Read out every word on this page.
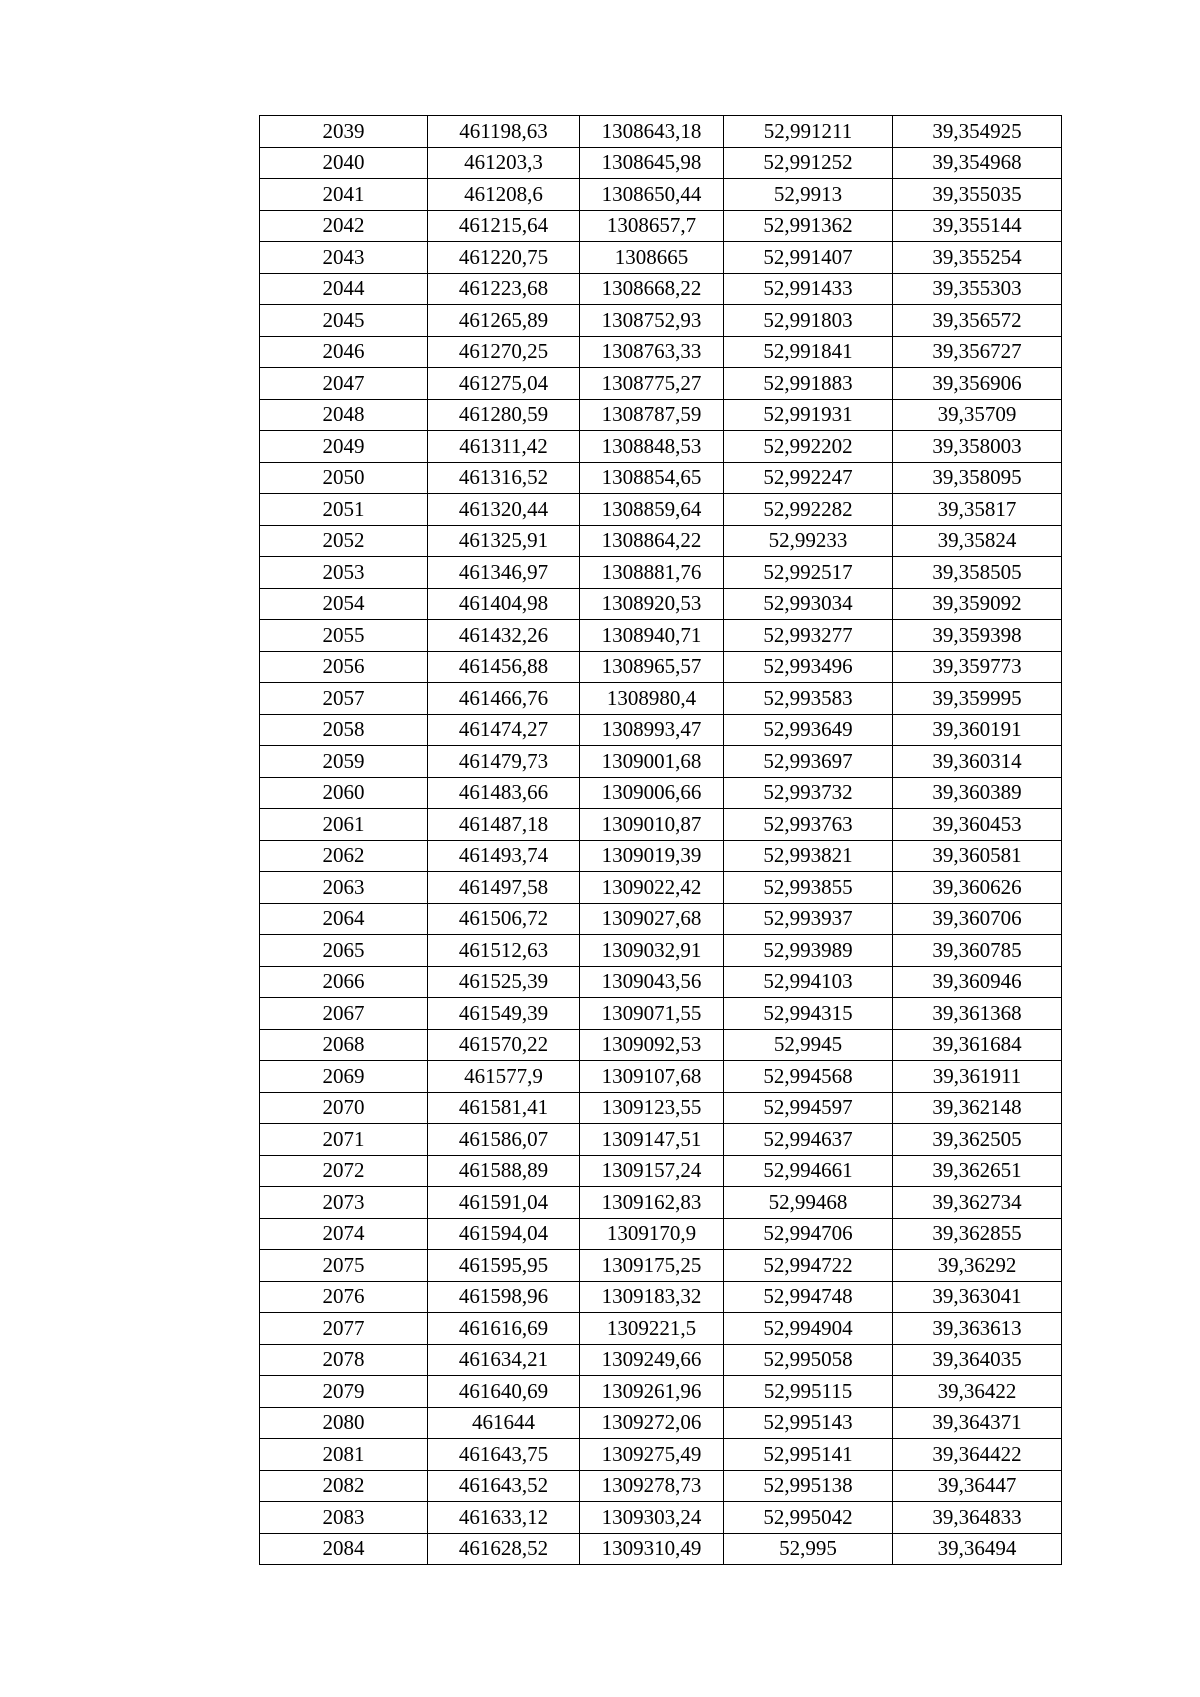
2039	461198,63	1308643,18	52,991211	39,354925
2040	461203,3	1308645,98	52,991252	39,354968
2041	461208,6	1308650,44	52,9913	39,355035
2042	461215,64	1308657,7	52,991362	39,355144
2043	461220,75	1308665	52,991407	39,355254
2044	461223,68	1308668,22	52,991433	39,355303
2045	461265,89	1308752,93	52,991803	39,356572
2046	461270,25	1308763,33	52,991841	39,356727
2047	461275,04	1308775,27	52,991883	39,356906
2048	461280,59	1308787,59	52,991931	39,35709
2049	461311,42	1308848,53	52,992202	39,358003
2050	461316,52	1308854,65	52,992247	39,358095
2051	461320,44	1308859,64	52,992282	39,35817
2052	461325,91	1308864,22	52,99233	39,35824
2053	461346,97	1308881,76	52,992517	39,358505
2054	461404,98	1308920,53	52,993034	39,359092
2055	461432,26	1308940,71	52,993277	39,359398
2056	461456,88	1308965,57	52,993496	39,359773
2057	461466,76	1308980,4	52,993583	39,359995
2058	461474,27	1308993,47	52,993649	39,360191
2059	461479,73	1309001,68	52,993697	39,360314
2060	461483,66	1309006,66	52,993732	39,360389
2061	461487,18	1309010,87	52,993763	39,360453
2062	461493,74	1309019,39	52,993821	39,360581
2063	461497,58	1309022,42	52,993855	39,360626
2064	461506,72	1309027,68	52,993937	39,360706
2065	461512,63	1309032,91	52,993989	39,360785
2066	461525,39	1309043,56	52,994103	39,360946
2067	461549,39	1309071,55	52,994315	39,361368
2068	461570,22	1309092,53	52,9945	39,361684
2069	461577,9	1309107,68	52,994568	39,361911
2070	461581,41	1309123,55	52,994597	39,362148
2071	461586,07	1309147,51	52,994637	39,362505
2072	461588,89	1309157,24	52,994661	39,362651
2073	461591,04	1309162,83	52,99468	39,362734
2074	461594,04	1309170,9	52,994706	39,362855
2075	461595,95	1309175,25	52,994722	39,36292
2076	461598,96	1309183,32	52,994748	39,363041
2077	461616,69	1309221,5	52,994904	39,363613
2078	461634,21	1309249,66	52,995058	39,364035
2079	461640,69	1309261,96	52,995115	39,36422
2080	461644	1309272,06	52,995143	39,364371
2081	461643,75	1309275,49	52,995141	39,364422
2082	461643,52	1309278,73	52,995138	39,36447
2083	461633,12	1309303,24	52,995042	39,364833
2084	461628,52	1309310,49	52,995	39,36494
